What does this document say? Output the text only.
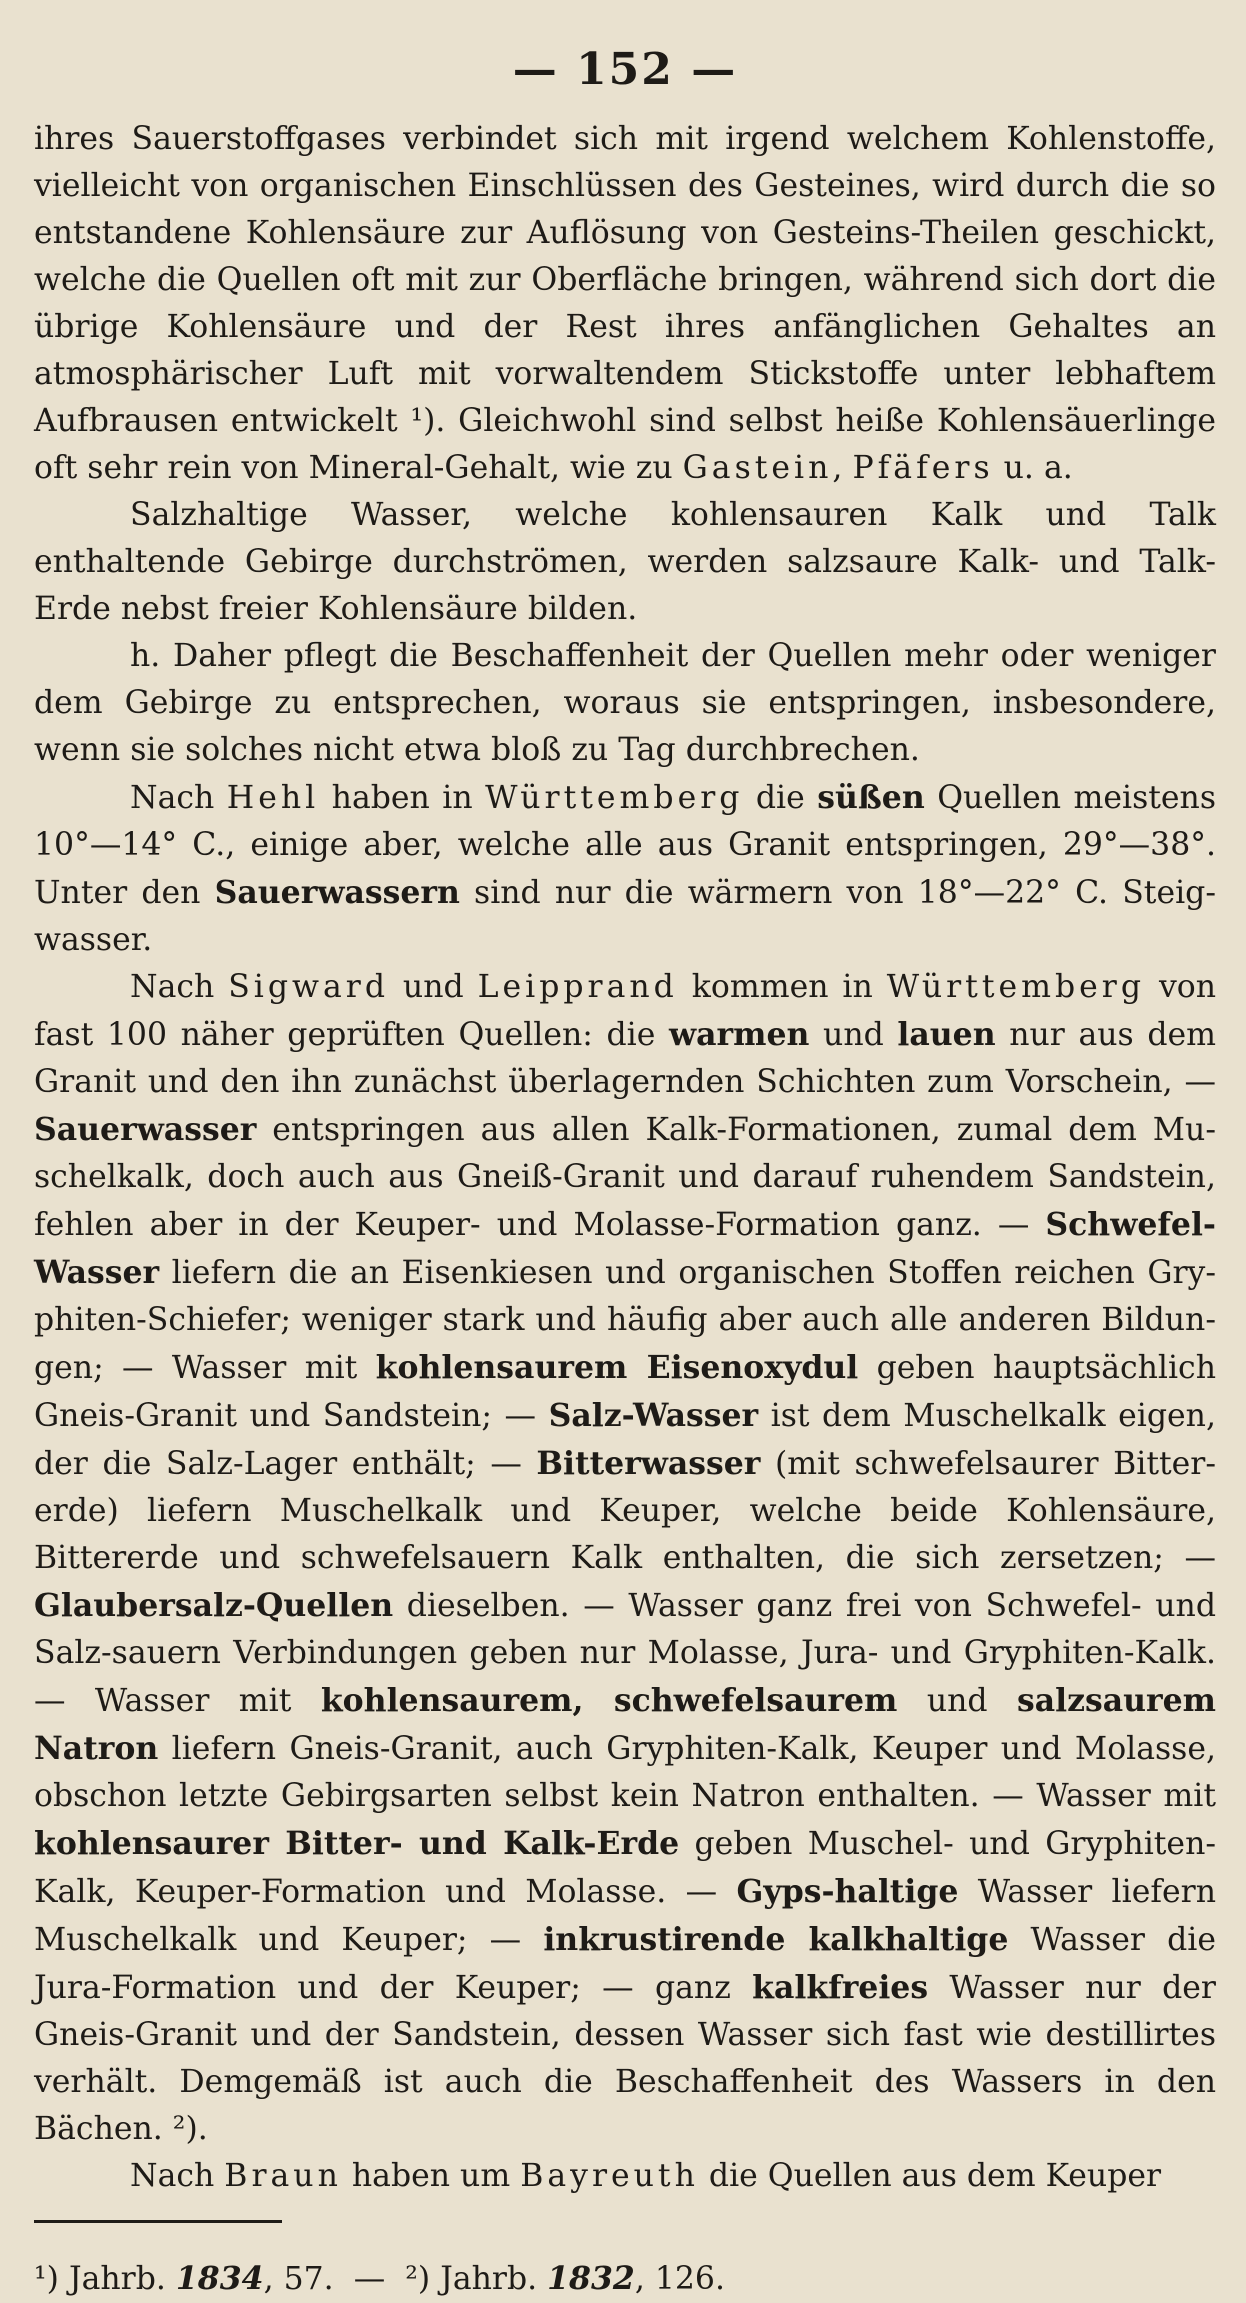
— 152 —

ihres Sauerstoffgases verbindet sich mit irgend welchem Kohlenstoffe, vielleicht von organischen Einschlüssen des Gesteines, wird durch die so entstandene Kohlensäure zur Auflösung von Gesteins-Theilen geschickt, welche die Quellen oft mit zur Oberfläche bringen, während sich dort die übrige Kohlensäure und der Rest ihres anfänglichen Gehaltes an atmosphärischer Luft mit vorwaltendem Stickstoffe unter lebhaftem Aufbrausen entwickelt ¹). Gleichwohl sind selbst heiße Kohlensäuerlinge oft sehr rein von Mineral-Gehalt, wie zu Gastein, Pfäfers u. a.

Salzhaltige Wasser, welche kohlensauren Kalk und Talk enthaltende Gebirge durchströmen, werden salzsaure Kalk- und Talk-Erde nebst freier Kohlensäure bilden.

h. Daher pflegt die Beschaffenheit der Quellen mehr oder weniger dem Gebirge zu entsprechen, woraus sie entspringen, insbesondere, wenn sie solches nicht etwa bloß zu Tag durchbrechen.

Nach Hehl haben in Württemberg die süßen Quellen meistens 10°—14° C., einige aber, welche alle aus Granit entspringen, 29°—38°. Unter den Sauerwassern sind nur die wärmern von 18°—22° C. Steigwasser.

Nach Sigward und Leipprand kommen in Württemberg von fast 100 näher geprüften Quellen: die warmen und lauen nur aus dem Granit und den ihn zunächst überlagernden Schichten zum Vorschein, — Sauerwasser entspringen aus allen Kalk-Formationen, zumal dem Muschelkalk, doch auch aus Gneiß-Granit und darauf ruhendem Sandstein, fehlen aber in der Keuper- und Molasse-Formation ganz. — Schwefel-Wasser liefern die an Eisenkiesen und organischen Stoffen reichen Gryphiten-Schiefer; weniger stark und häufig aber auch alle anderen Bildungen; — Wasser mit kohlensaurem Eisenoxydul geben hauptsächlich Gneis-Granit und Sandstein; — Salz-Wasser ist dem Muschelkalk eigen, der die Salz-Lager enthält; — Bitterwasser (mit schwefelsaurer Bittererde) liefern Muschelkalk und Keuper, welche beide Kohlensäure, Bittererde und schwefelsauern Kalk enthalten, die sich zersetzen; — Glaubersalz-Quellen dieselben. — Wasser ganz frei von Schwefel- und Salz-sauern Verbindungen geben nur Molasse, Jura- und Gryphiten-Kalk. — Wasser mit kohlensaurem, schwefelsaurem und salzsaurem Natron liefern Gneis-Granit, auch Gryphiten-Kalk, Keuper und Molasse, obschon letzte Gebirgsarten selbst kein Natron enthalten. — Wasser mit kohlensaurer Bitter- und Kalk-Erde geben Muschel- und Gryphiten-Kalk, Keuper-Formation und Molasse. — Gyps-haltige Wasser liefern Muschelkalk und Keuper; — inkrustirende kalkhaltige Wasser die Jura-Formation und der Keuper; — ganz kalkfreies Wasser nur der Gneis-Granit und der Sandstein, dessen Wasser sich fast wie destillirtes verhält. Demgemäß ist auch die Beschaffenheit des Wassers in den Bächen. ²).

Nach Braun haben um Bayreuth die Quellen aus dem Keuper

¹) Jahrb. 1834, 57. — ²) Jahrb. 1832, 126.
